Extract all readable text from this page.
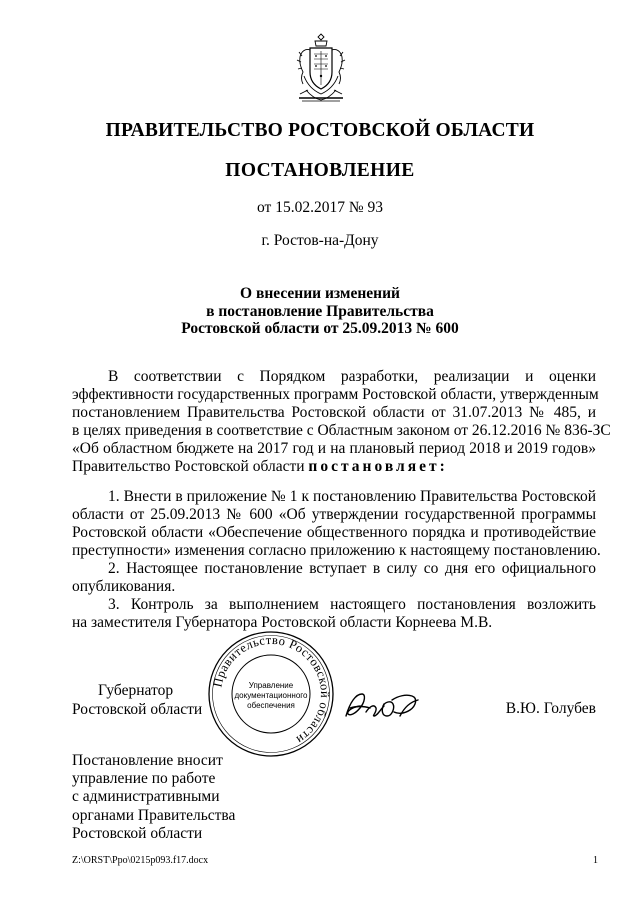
ПРАВИТЕЛЬСТВО РОСТОВСКОЙ ОБЛАСТИ
ПОСТАНОВЛЕНИЕ
от 15.02.2017 № 93
г. Ростов-на-Дону
О внесении изменений
в постановление Правительства
Ростовской области от 25.09.2013 № 600
В соответствии с Порядком разработки, реализации и оценки
эффективности государственных программ Ростовской области, утвержденным
постановлением Правительства Ростовской области от 31.07.2013 № 485, и
в целях приведения в соответствие с Областным законом от 26.12.2016 № 836-ЗС
«Об областном бюджете на 2017 год и на плановый период 2018 и 2019 годов»
Правительство Ростовской области постановляет:
1. Внести в приложение № 1 к постановлению Правительства Ростовской
области от 25.09.2013 № 600 «Об утверждении государственной программы
Ростовской области «Обеспечение общественного порядка и противодействие
преступности» изменения согласно приложению к настоящему постановлению.
2. Настоящее постановление вступает в силу со дня его официального
опубликования.
3. Контроль за выполнением настоящего постановления возложить
на заместителя Губернатора Ростовской области Корнеева М.В.
Губернатор
Ростовской области
Правительство Ростовской области
Управление
документационного
обеспечения	В.Ю. Голубев
Постановление вносит
управление по работе
с административными
органами Правительства
Ростовской области
Z:\ORST\Ppo\0215p093.f17.docx	1
